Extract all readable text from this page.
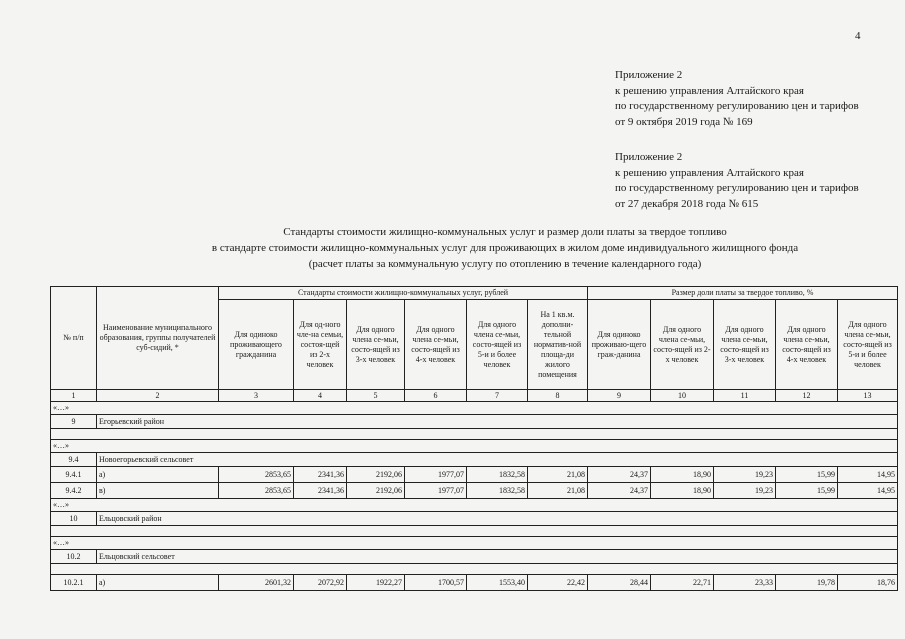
4
Приложение 2
к решению управления Алтайского края
по государственному регулированию цен и тарифов
от 9 октября 2019 года № 169
Приложение 2
к решению управления Алтайского края
по государственному регулированию цен и тарифов
от 27 декабря 2018 года № 615
Стандарты стоимости жилищно-коммунальных услуг и размер доли платы за твердое топливо
в стандарте стоимости жилищно-коммунальных услуг для проживающих в жилом доме индивидуального жилищного фонда
(расчет платы за коммунальную услугу по отоплению в течение календарного года)
№ п/п	Наименование муниципального образования, группы получателей суб-сидий, *	Стандарты стоимости жилищно-коммунальных услуг, рублей						Размер доли платы за твердое топливо, %				
		Для одиноко проживающего гражданина	Для од-ного чле-на семьи, состоя-щей из 2-х человек	Для одного члена се-мьи, состо-ящей из 3-х человек	Для одного члена се-мьи, состо-ящей из 4-х человек	Для одного члена се-мьи, состо-ящей из 5-и и более человек	На 1 кв.м. дополни-тельной норматив-ной площа-ди жилого помещения	Для одиноко проживаю-щего граж-данина	Для одного члена се-мьи, состо-ящей из 2-х человек	Для одного члена се-мьи, состо-ящей из 3-х человек	Для одного члена се-мьи, состо-ящей из 4-х человек	Для одного члена се-мьи, состо-ящей из 5-и и более человек
1	2	3	4	5	6	7	8	9	10	11	12	13
«…»												
9	Егорьевский район											

«…»												
9.4	Новоегорьевский сельсовет											
9.4.1	а)	2853,65	2341,36	2192,06	1977,07	1832,58	21,08	24,37	18,90	19,23	15,99	14,95
9.4.2	в)	2853,65	2341,36	2192,06	1977,07	1832,58	21,08	24,37	18,90	19,23	15,99	14,95
«…»												
10	Ельцовский район											

«…»												
10.2	Ельцовский сельсовет											

10.2.1	а)	2601,32	2072,92	1922,27	1700,57	1553,40	22,42	28,44	22,71	23,33	19,78	18,76
